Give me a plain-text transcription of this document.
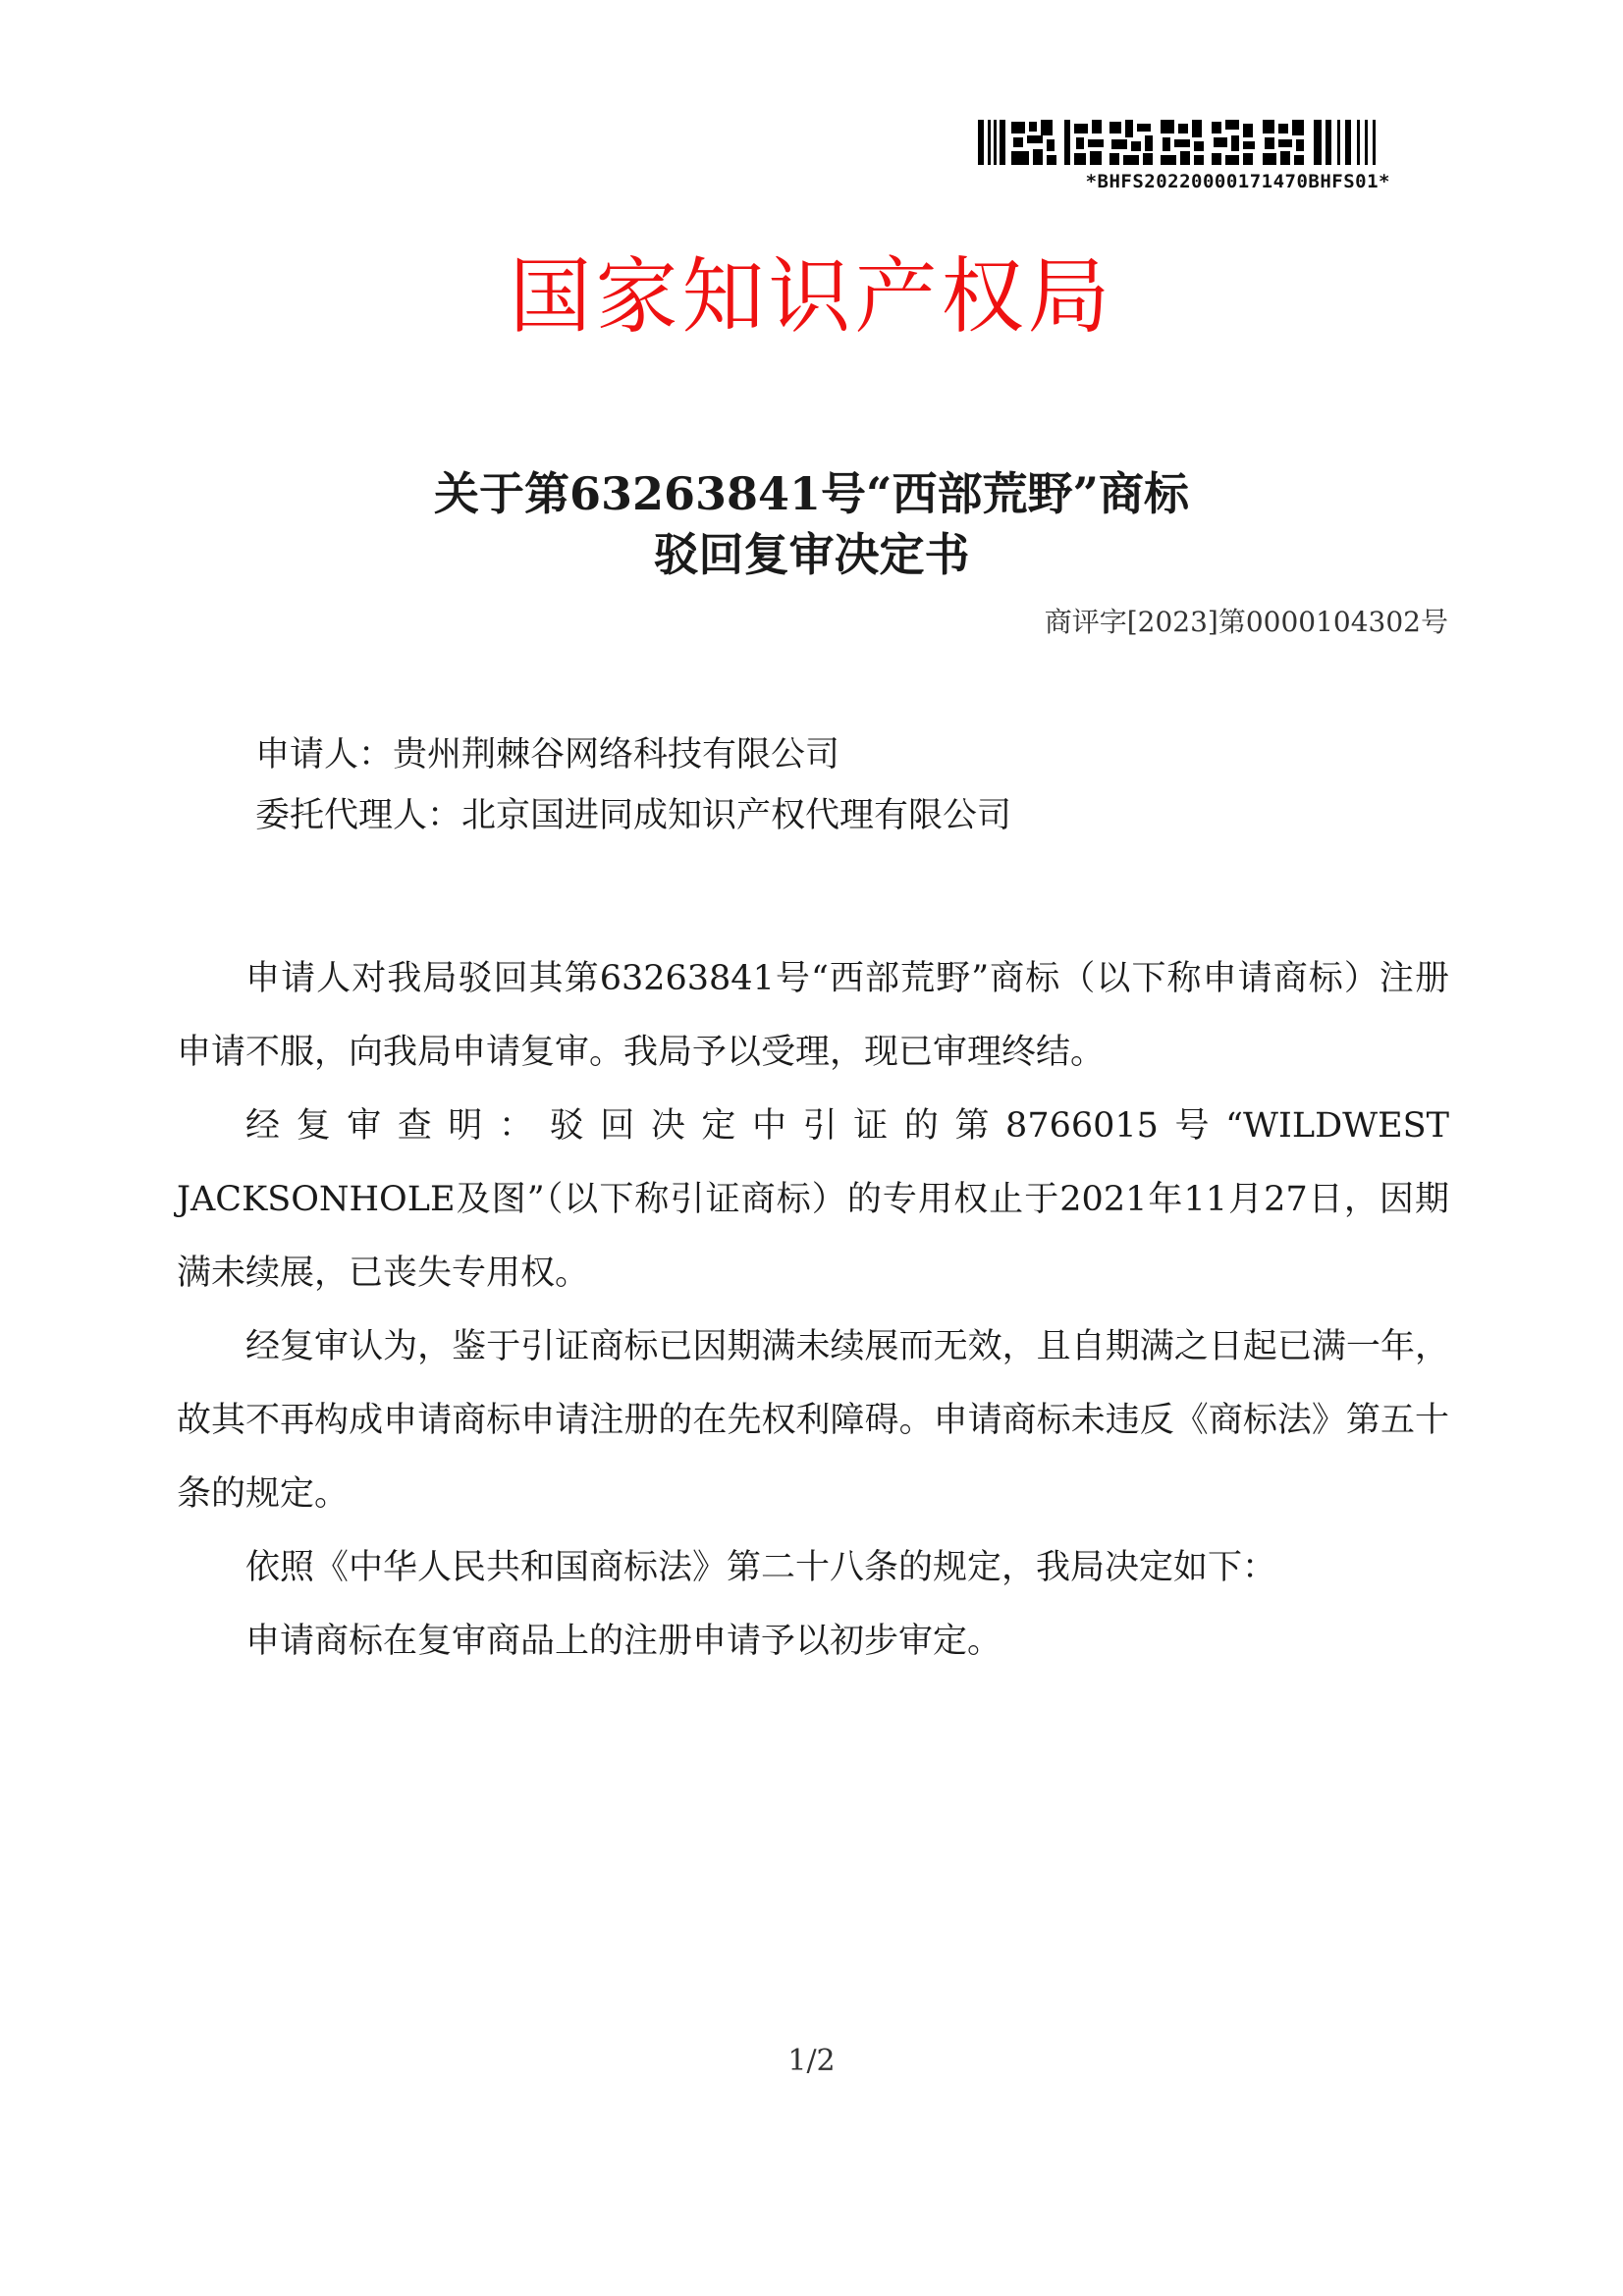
*BHFS20220000171470BHFS01*
国家知识产权局
关于第63263841号“西部荒野”商标
驳回复审决定书
商评字[2023]第0000104302号
申请人：贵州荆棘谷网络科技有限公司
委托代理人：北京国进同成知识产权代理有限公司

申请人对我局驳回其第63263841号“西部荒野”商标（以下称申请商标）注册申请不服，向我局申请复审。我局予以受理，现已审理终结。

经复审查明：驳回决定中引证的第8766015号“WILDWEST JACKSONHOLE及图”（以下称引证商标）的专用权止于2021年11月27日，因期满未续展，已丧失专用权。

经复审认为，鉴于引证商标已因期满未续展而无效，且自期满之日起已满一年，故其不再构成申请商标申请注册的在先权利障碍。申请商标未违反《商标法》第五十条的规定。

依照《中华人民共和国商标法》第二十八条的规定，我局决定如下：

申请商标在复审商品上的注册申请予以初步审定。

1/2
